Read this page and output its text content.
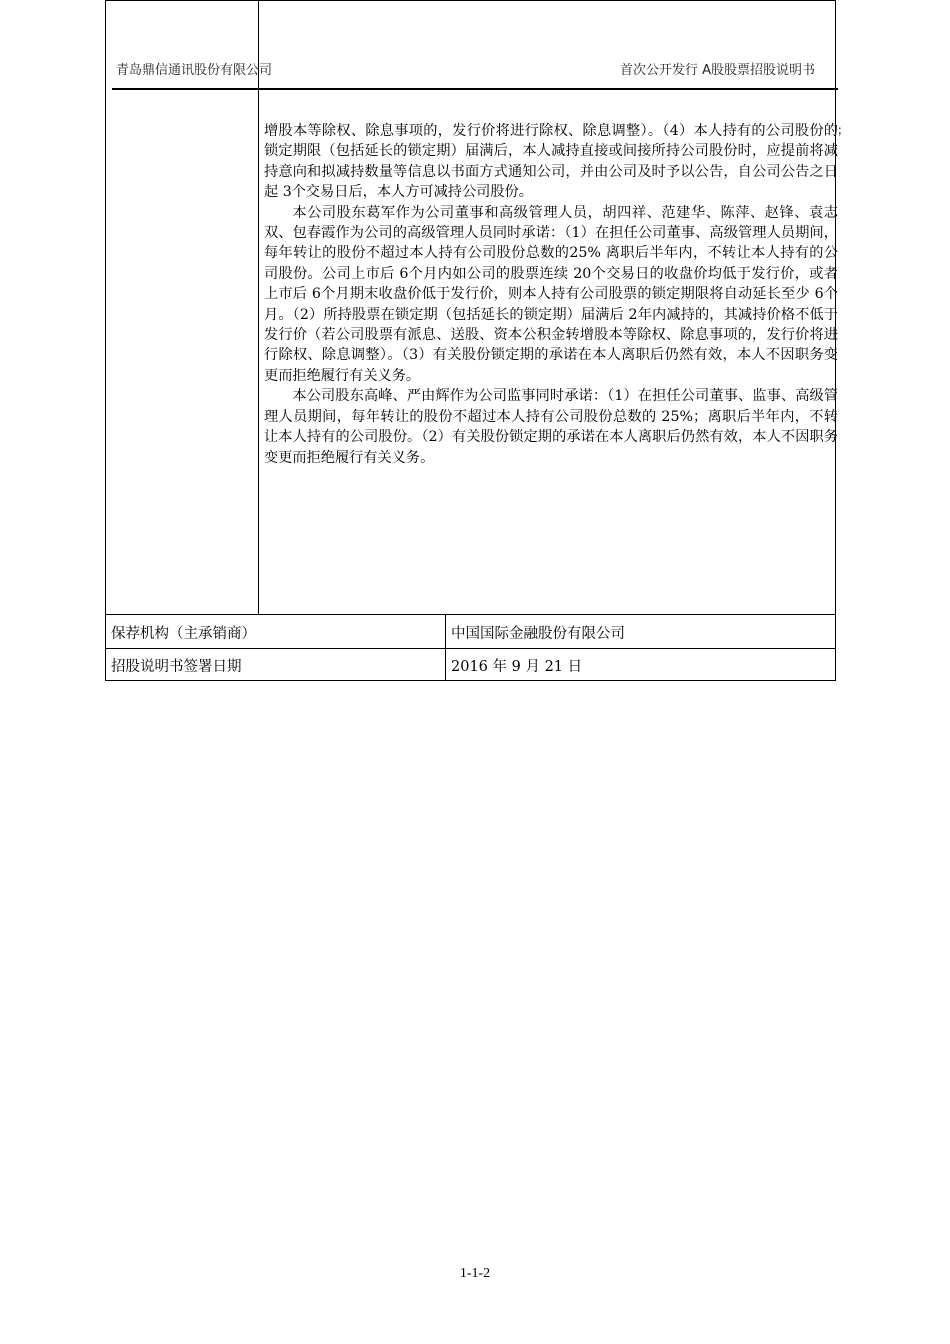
青岛鼎信通讯股份有限公司	首次公开发行 A股股票招股说明书

增股本等除权、除息事项的，发行价将进行除权、除息调整）。（4）本人持有的公司股份的锁定期限（包括延长的锁定期）届满后，本人减持直接或间接所持公司股份时，应提前将减持意向和拟减持数量等信息以书面方式通知公司，并由公司及时予以公告，自公司公告之日起 3个交易日后，本人方可减持公司股份。

本公司股东葛军作为公司董事和高级管理人员，胡四祥、范建华、陈萍、赵锋、袁志双、包春霞作为公司的高级管理人员同时承诺：（1）在担任公司董事、高级管理人员期间，每年转让的股份不超过本人持有公司股份总数的25% 离职后半年内，不转让本人持有的公司股份。公司上市后 6个月内如公司的股票连续 20个交易日的收盘价均低于发行价，或者上市后 6个月期末收盘价低于发行价，则本人持有公司股票的锁定期限将自动延长至少 6个月。（2）所持股票在锁定期（包括延长的锁定期）届满后 2年内减持的，其减持价格不低于发行价（若公司股票有派息、送股、资本公积金转增股本等除权、除息事项的，发行价将进行除权、除息调整）。（3）有关股份锁定期的承诺在本人离职后仍然有效，本人不因职务变更而拒绝履行有关义务。

本公司股东高峰、严由辉作为公司监事同时承诺：（1）在担任公司董事、监事、高级管理人员期间，每年转让的股份不超过本人持有公司股份总数的 25%；离职后半年内，不转让本人持有的公司股份。（2）有关股份锁定期的承诺在本人离职后仍然有效，本人不因职务变更而拒绝履行有关义务。

；
保荐机构（主承销商）	中国国际金融股份有限公司
招股说明书签署日期	2016 年 9 月 21 日
1-1-2
